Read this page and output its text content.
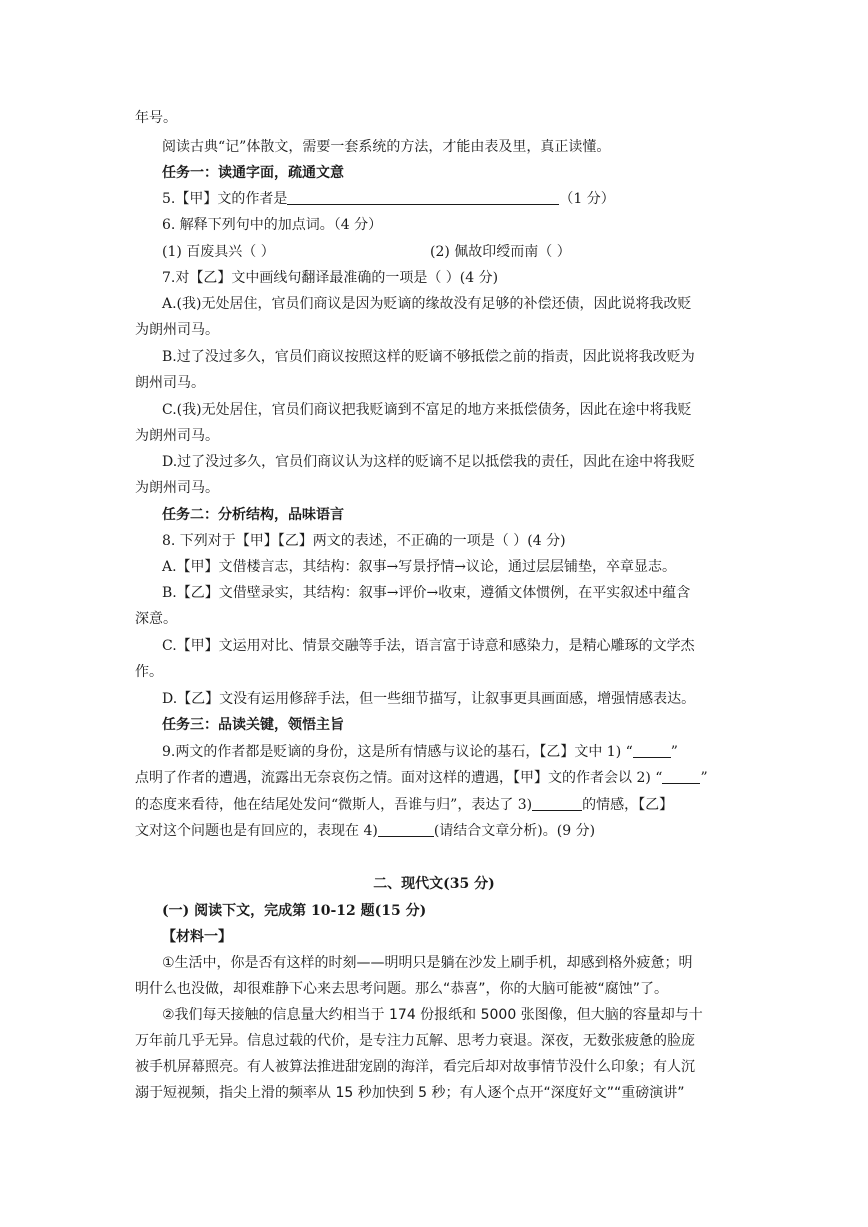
年号。
阅读古典“记”体散文，需要一套系统的方法，才能由表及里，真正读懂。
任务一：读通字面，疏通文意
5.【甲】文的作者是	（1 分）
6. 解释下列句中的加点词。（4 分）
(1) 百废具兴（ ）	(2) 佩故印绶而南（ ）
7.对【乙】文中画线句翻译最准确的一项是（ ）(4 分)
A.(我)无处居住，官员们商议是因为贬谪的缘故没有足够的补偿还债，因此说将我改贬
为朗州司马。
B.过了没过多久，官员们商议按照这样的贬谪不够抵偿之前的指责，因此说将我改贬为
朗州司马。
C.(我)无处居住，官员们商议把我贬谪到不富足的地方来抵偿债务，因此在途中将我贬
为朗州司马。
D.过了没过多久，官员们商议认为这样的贬谪不足以抵偿我的责任，因此在途中将我贬
为朗州司马。
任务二：分析结构，品味语言
8. 下列对于【甲】【乙】两文的表述，不正确的一项是（ ）(4 分)
A.【甲】文借楼言志，其结构：叙事→写景抒情→议论，通过层层铺垫，卒章显志。
B.【乙】文借壁录实，其结构：叙事→评价→收束，遵循文体惯例，在平实叙述中蕴含
深意。
C.【甲】文运用对比、情景交融等手法，语言富于诗意和感染力，是精心雕琢的文学杰
作。
D.【乙】文没有运用修辞手法，但一些细节描写，让叙事更具画面感，增强情感表达。
任务三：品读关键，领悟主旨
9.两文的作者都是贬谪的身份，这是所有情感与议论的基石，【乙】文中 1) “	”
点明了作者的遭遇，流露出无奈哀伤之情。面对这样的遭遇，【甲】文的作者会以 2) “	”
的态度来看待，他在结尾处发问“微斯人，吾谁与归”，表达了 3)	的情感，【乙】
文对这个问题也是有回应的，表现在 4)	(请结合文章分析)。(9 分)
二、现代文(35 分)
(一) 阅读下文，完成第 10-12 题(15 分)
【材料一】
①生活中，你是否有这样的时刻——明明只是躺在沙发上刷手机，却感到格外疲惫；明
明什么也没做，却很难静下心来去思考问题。那么“恭喜”，你的大脑可能被“腐蚀”了。
②我们每天接触的信息量大约相当于 174 份报纸和 5000 张图像，但大脑的容量却与十
万年前几乎无异。信息过载的代价，是专注力瓦解、思考力衰退。深夜，无数张疲惫的脸庞
被手机屏幕照亮。有人被算法推进甜宠剧的海洋，看完后却对故事情节没什么印象；有人沉
溺于短视频，指尖上滑的频率从 15 秒加快到 5 秒；有人逐个点开“深度好文”“重磅演讲”
